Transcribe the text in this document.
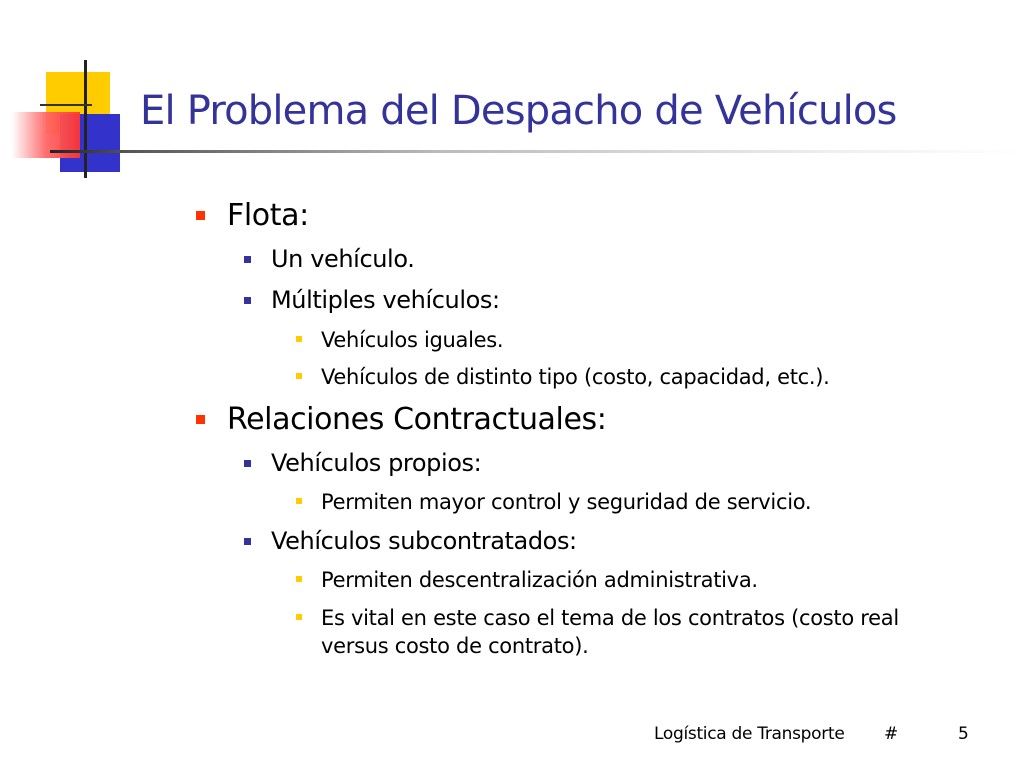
El Problema del Despacho de Vehículos
Flota:
Un vehículo.
Múltiples vehículos:
Vehículos iguales.
Vehículos de distinto tipo (costo, capacidad, etc.).
Relaciones Contractuales:
Vehículos propios:
Permiten mayor control y seguridad de servicio.
Vehículos subcontratados:
Permiten descentralización administrativa.
Es vital en este caso el tema de los contratos (costo real versus costo de contrato).
Logística de Transporte #	5
